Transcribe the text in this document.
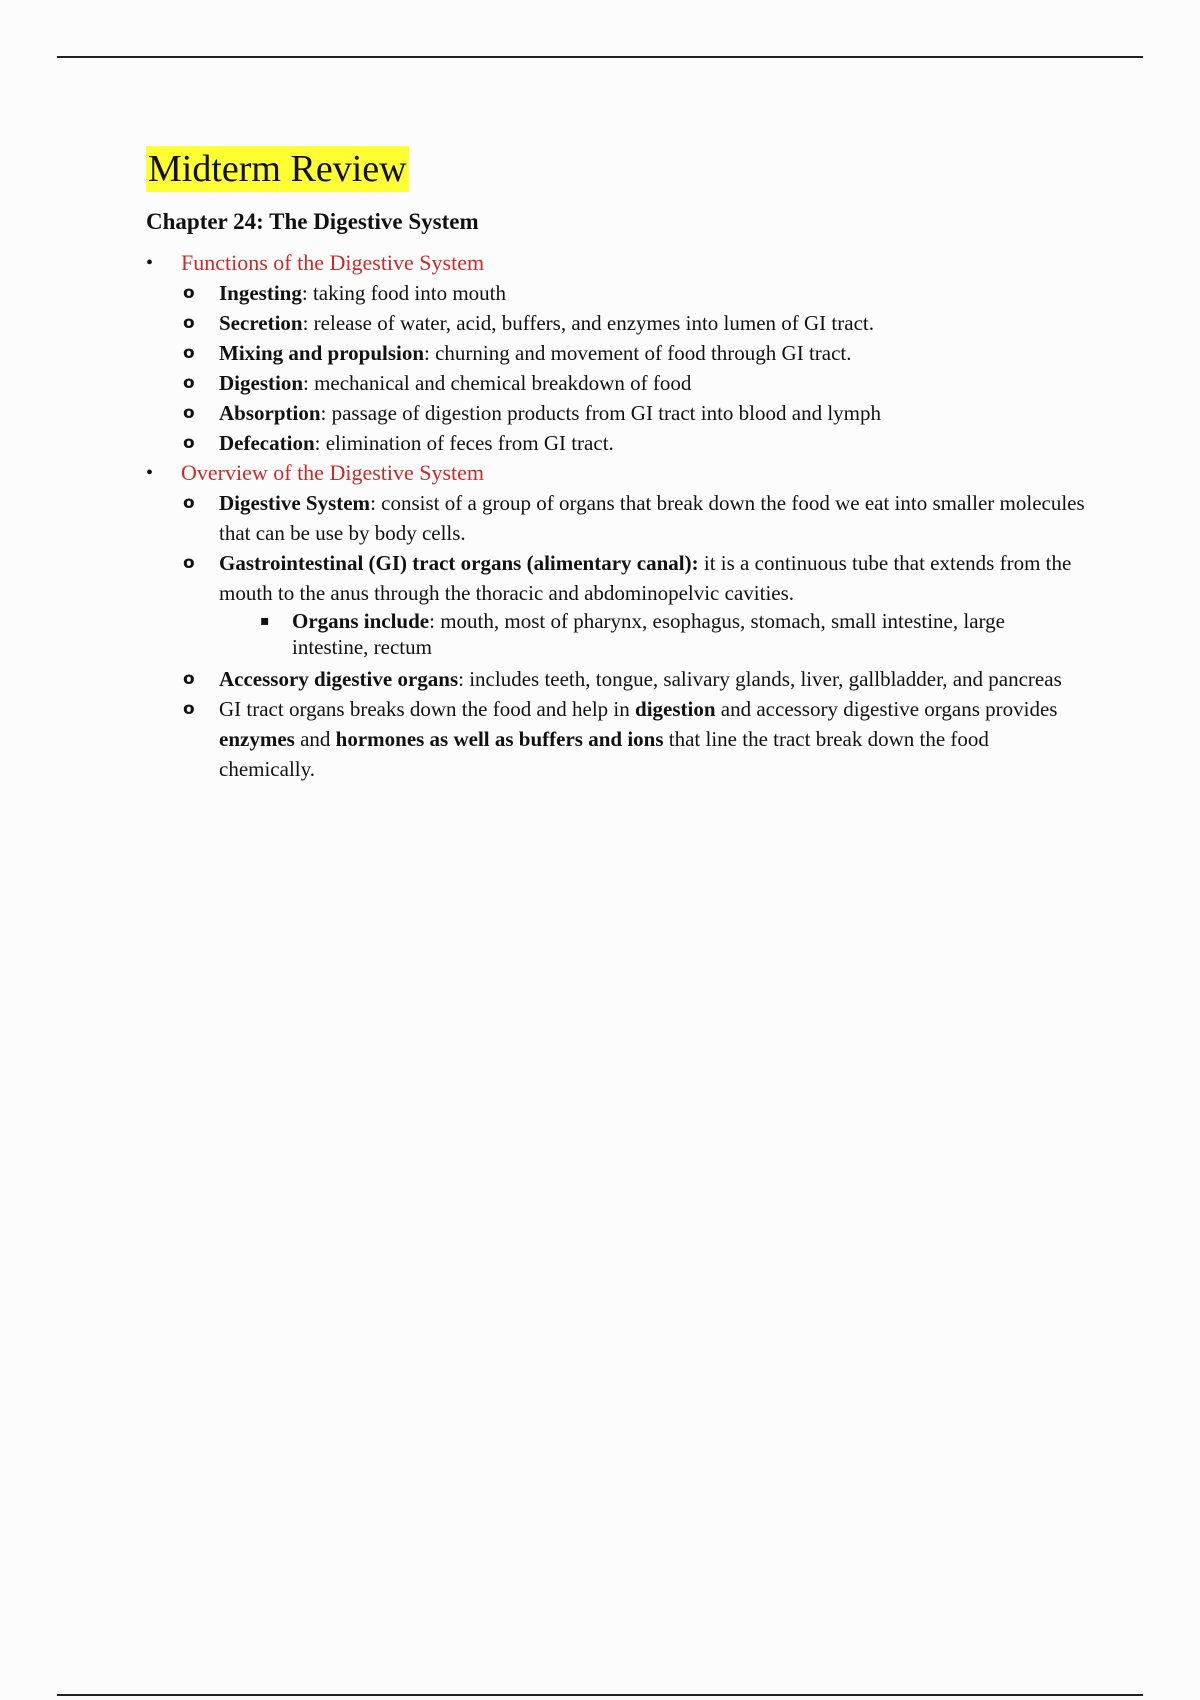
Midterm Review
Chapter 24: The Digestive System
• Functions of the Digestive System
o Ingesting: taking food into mouth
o Secretion: release of water, acid, buffers, and enzymes into lumen of GI tract.
o Mixing and propulsion: churning and movement of food through GI tract.
o Digestion: mechanical and chemical breakdown of food
o Absorption: passage of digestion products from GI tract into blood and lymph
o Defecation: elimination of feces from GI tract.
• Overview of the Digestive System
o Digestive System: consist of a group of organs that break down the food we eat into smaller molecules that can be use by body cells.
o Gastrointestinal (GI) tract organs (alimentary canal): it is a continuous tube that extends from the mouth to the anus through the thoracic and abdominopelvic cavities.
▪ Organs include: mouth, most of pharynx, esophagus, stomach, small intestine, large intestine, rectum
o Accessory digestive organs: includes teeth, tongue, salivary glands, liver, gallbladder, and pancreas
o GI tract organs breaks down the food and help in digestion and accessory digestive organs provides enzymes and hormones as well as buffers and ions that line the tract break down the food chemically.
